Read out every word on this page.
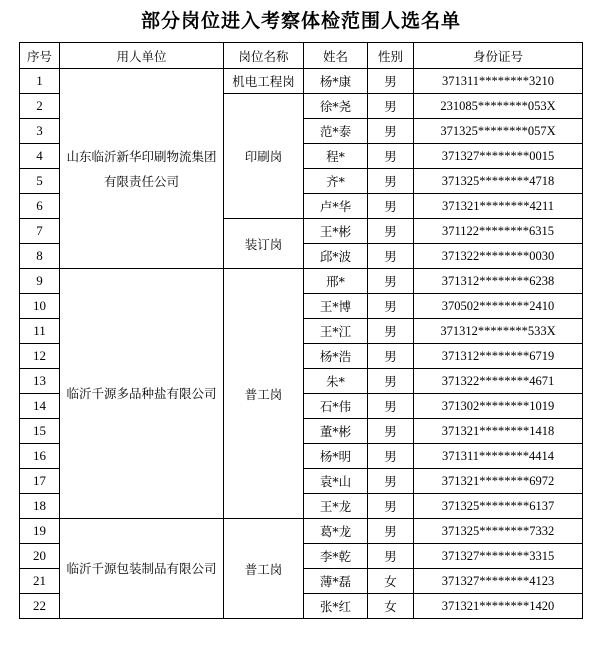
部分岗位进入考察体检范围人选名单
序号	用人单位	岗位名称	姓名	性别	身份证号
1	山东临沂新华印刷物流集团有限责任公司	机电工程岗	杨*康	男	371311********3210
2		印刷岗	徐*尧	男	231085********053X
3			范*泰	男	371325********057X
4			程*	男	371327********0015
5			齐*	男	371325********4718
6			卢*华	男	371321********4211
7		装订岗	王*彬	男	371122********6315
8			邱*波	男	371322********0030
9	临沂千源多品种盐有限公司	普工岗	邢*	男	371312********6238
10			王*博	男	370502********2410
11			王*江	男	371312********533X
12			杨*浩	男	371312********6719
13			朱*	男	371322********4671
14			石*伟	男	371302********1019
15			董*彬	男	371321********1418
16			杨*明	男	371311********4414
17			袁*山	男	371321********6972
18			王*龙	男	371325********6137
19	临沂千源包装制品有限公司	普工岗	葛*龙	男	371325********7332
20			李*乾	男	371327********3315
21			薄*磊	女	371327********4123
22			张*红	女	371321********1420
